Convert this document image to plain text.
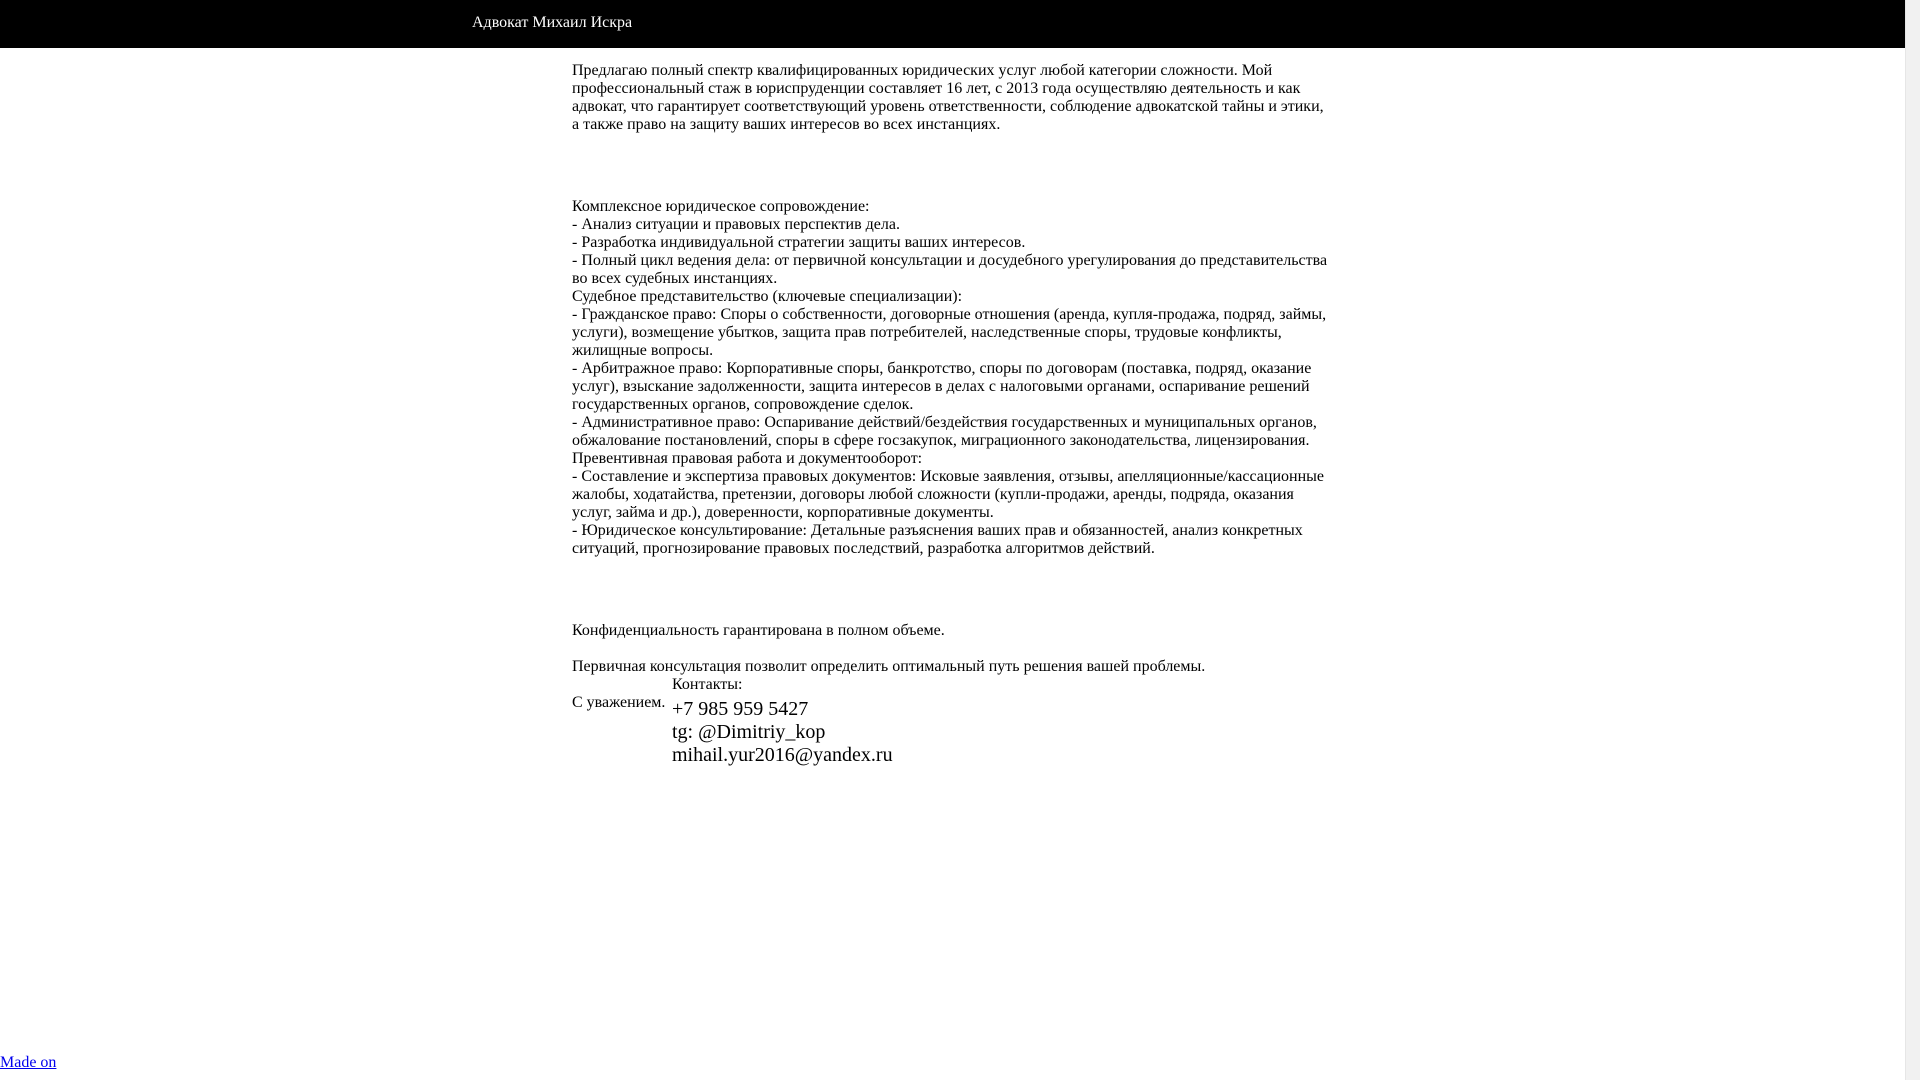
Адвокат Михаил Искра

Предлагаю полный спектр квалифицированных юридических услуг любой категории сложности. Мой профессиональный стаж в юриспруденции составляет 16 лет, с 2013 года осуществляю деятельность и как адвокат, что гарантирует соответствующий уровень ответственности, соблюдение адвокатской тайны и этики, а также право на защиту ваших интересов во всех инстанциях.

Комплексное юридическое сопровождение:
- Анализ ситуации и правовых перспектив дела.
- Разработка индивидуальной стратегии защиты ваших интересов.
- Полный цикл ведения дела: от первичной консультации и досудебного урегулирования до представительства во всех судебных инстанциях.
Судебное представительство (ключевые специализации):
- Гражданское право: Споры о собственности, договорные отношения (аренда, купля-продажа, подряд, займы, услуги), возмещение убытков, защита прав потребителей, наследственные споры, трудовые конфликты, жилищные вопросы.
- Арбитражное право: Корпоративные споры, банкротство, споры по договорам (поставка, подряд, оказание услуг), взыскание задолженности, защита интересов в делах с налоговыми органами, оспаривание решений государственных органов, сопровождение сделок.
- Административное право: Оспаривание действий/бездействия государственных и муниципальных органов, обжалование постановлений, споры в сфере госзакупок, миграционного законодательства, лицензирования.
Превентивная правовая работа и документооборот:
- Составление и экспертиза правовых документов: Исковые заявления, отзывы, апелляционные/кассационные жалобы, ходатайства, претензии, договоры любой сложности (купли-продажи, аренды, подряда, оказания услуг, займа и др.), доверенности, корпоративные документы.
- Юридическое консультирование: Детальные разъяснения ваших прав и обязанностей, анализ конкретных ситуаций, прогнозирование правовых последствий, разработка алгоритмов действий.

Конфиденциальность гарантирована в полном объеме.

Первичная консультация позволит определить оптимальный путь решения вашей проблемы.

С уважением.

Контакты:
+7 985 959 5427
tg: @Dimitriy_kop
mihail.yur2016@yandex.ru
Made on
